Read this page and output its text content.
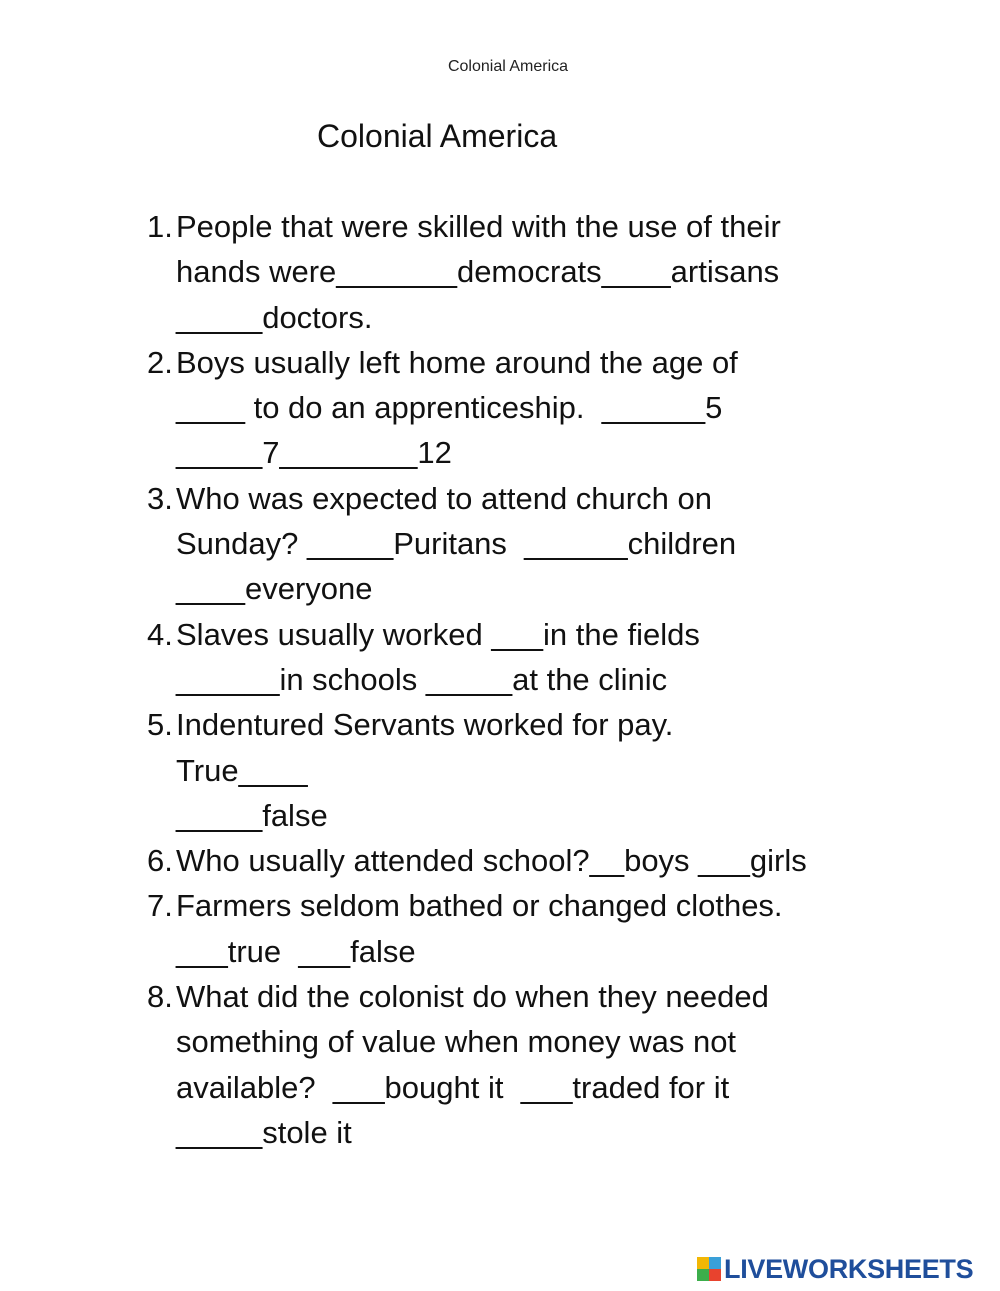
Colonial America
Colonial America
1. People that were skilled with the use of their
hands were_______democrats____artisans
_____doctors.
2. Boys usually left home around the age of
____ to do an apprenticeship.  ______5
_____7________12
3. Who was expected to attend church on
Sunday? _____Puritans  ______children
____everyone
4. Slaves usually worked ___in the fields
______in schools _____at the clinic
5. Indentured Servants worked for pay.
True____
_____false
6. Who usually attended school?__boys ___girls
7. Farmers seldom bathed or changed clothes.
___true  ___false
8. What did the colonist do when they needed
something of value when money was not
available?  ___bought it  ___traded for it
_____stole it
LIVEWORKSHEETS
